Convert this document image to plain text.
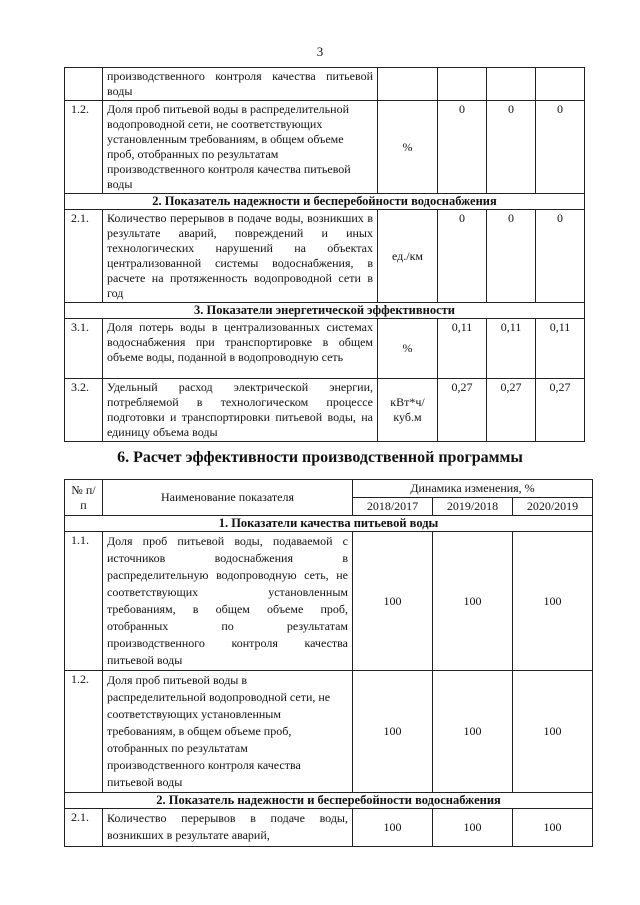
3
	производственного контроля качества питьевой воды				
1.2.	Доля проб питьевой воды в распределительной водопроводной сети, не соответствующих установленным требованиям, в общем объеме проб, отобранных по результатам производственного контроля качества питьевой воды	%	0	0	0
2. Показатель надежности и бесперебойности водоснабжения					
2.1.	Количество перерывов в подаче воды, возникших в результате аварий, повреждений и иных технологических нарушений на объектах централизованной системы водоснабжения, в расчете на протяженность водопроводной сети в год	ед./км	0	0	0
3. Показатели энергетической эффективности					
3.1.	Доля потерь воды в централизованных системах водоснабжения при транспортировке в общем объеме воды, поданной в водопроводную сеть	%	0,11	0,11	0,11
3.2.	Удельный расход электрической энергии, потребляемой в технологическом процессе подготовки и транспортировки питьевой воды, на единицу объема воды	кВт*ч/куб.м	0,27	0,27	0,27
6. Расчет эффективности производственной программы
№ п/п	Наименование показателя	Динамика изменения, %		
		2018/2017	2019/2018	2020/2019
1. Показатели качества питьевой воды				
1.1.	Доля проб питьевой воды, подаваемой с источников водоснабжения в распределительную водопроводную сеть, не соответствующих установленным требованиям, в общем объеме проб, отобранных по результатам производственного контроля качества питьевой воды	100	100	100
1.2.	Доля проб питьевой воды в распределительной водопроводной сети, не соответствующих установленным требованиям, в общем объеме проб, отобранных по результатам производственного контроля качества питьевой воды	100	100	100
2. Показатель надежности и бесперебойности водоснабжения				
2.1.	Количество перерывов в подаче воды, возникших в результате аварий,	100	100	100
